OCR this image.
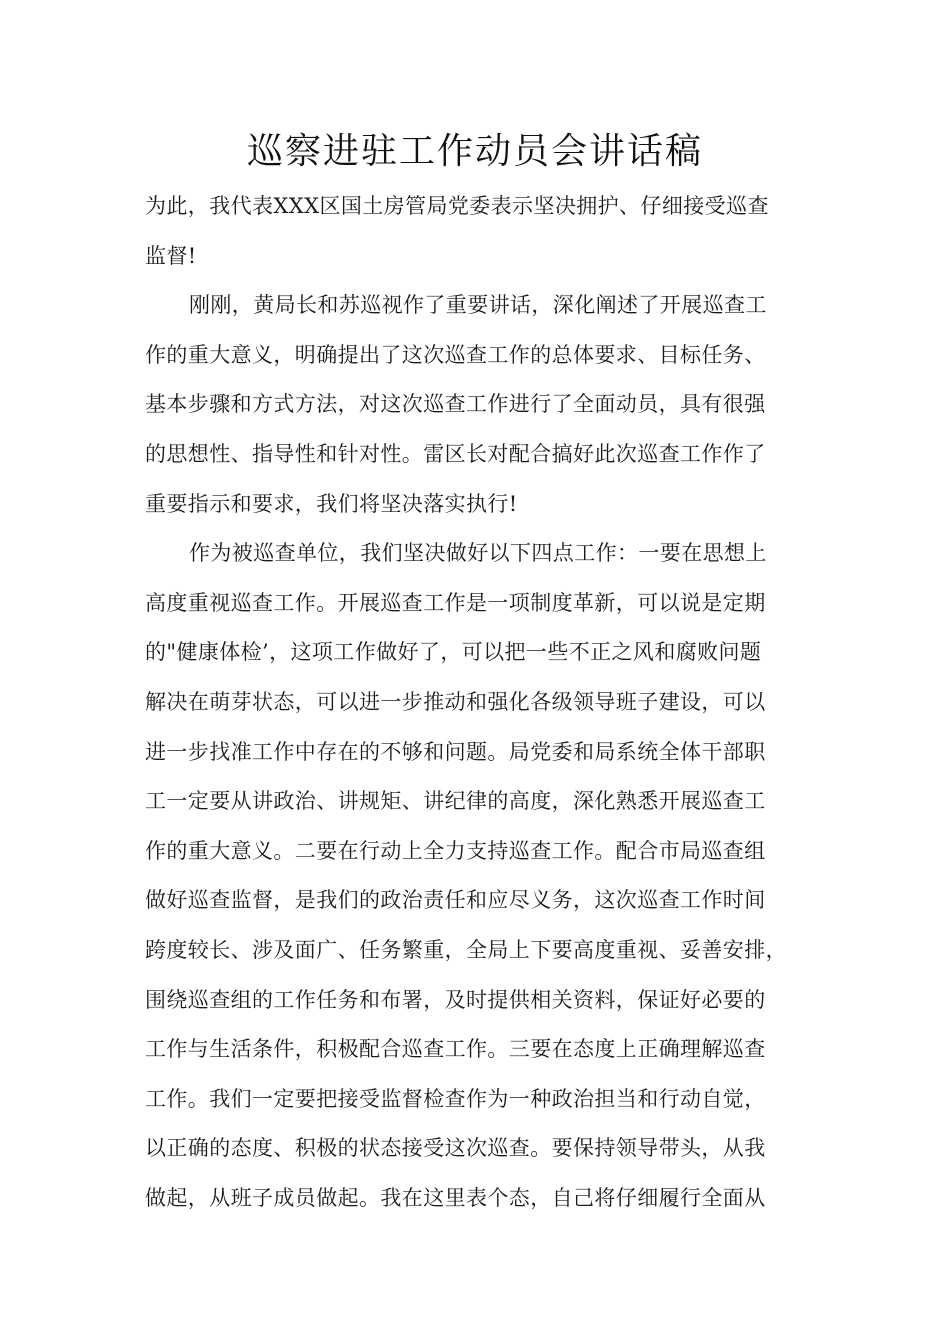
巡察进驻工作动员会讲话稿
为此，我代表XXX区国土房管局党委表示坚决拥护、仔细接受巡查
监督!
刚刚，黄局长和苏巡视作了重要讲话，深化阐述了开展巡查工
作的重大意义，明确提出了这次巡查工作的总体要求、目标任务、
基本步骤和方式方法，对这次巡查工作进行了全面动员，具有很强
的思想性、指导性和针对性。雷区长对配合搞好此次巡查工作作了
重要指示和要求，我们将坚决落实执行!
作为被巡查单位，我们坚决做好以下四点工作：一要在思想上
高度重视巡查工作。开展巡查工作是一项制度革新，可以说是定期
的"健康体检’，这项工作做好了，可以把一些不正之风和腐败问题
解决在萌芽状态，可以进一步推动和强化各级领导班子建设，可以
进一步找准工作中存在的不够和问题。局党委和局系统全体干部职
工一定要从讲政治、讲规矩、讲纪律的高度，深化熟悉开展巡查工
作的重大意义。二要在行动上全力支持巡查工作。配合市局巡查组
做好巡查监督，是我们的政治责任和应尽义务，这次巡查工作时间
跨度较长、涉及面广、任务繁重，全局上下要高度重视、妥善安排，
围绕巡查组的工作任务和布署，及时提供相关资料，保证好必要的
工作与生活条件，积极配合巡查工作。三要在态度上正确理解巡查
工作。我们一定要把接受监督检查作为一种政治担当和行动自觉，
以正确的态度、积极的状态接受这次巡查。要保持领导带头，从我
做起，从班子成员做起。我在这里表个态，自己将仔细履行全面从
